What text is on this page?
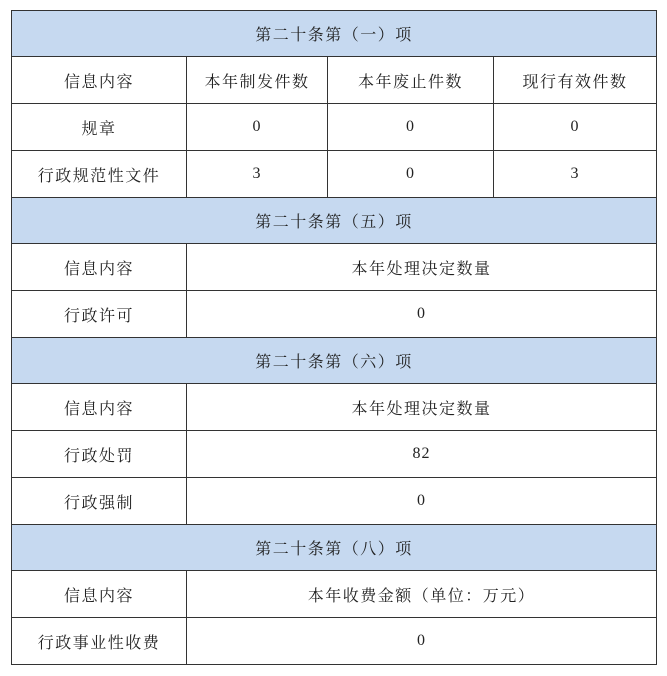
第二十条第（一）项			
信息内容	本年制发件数	本年废止件数	现行有效件数
规章	0	0	0
行政规范性文件	3	0	3
第二十条第（五）项			
信息内容	本年处理决定数量		
行政许可	0		
第二十条第（六）项			
信息内容	本年处理决定数量		
行政处罚	82		
行政强制	0		
第二十条第（八）项			
信息内容	本年收费金额（单位：万元）		
行政事业性收费	0		
